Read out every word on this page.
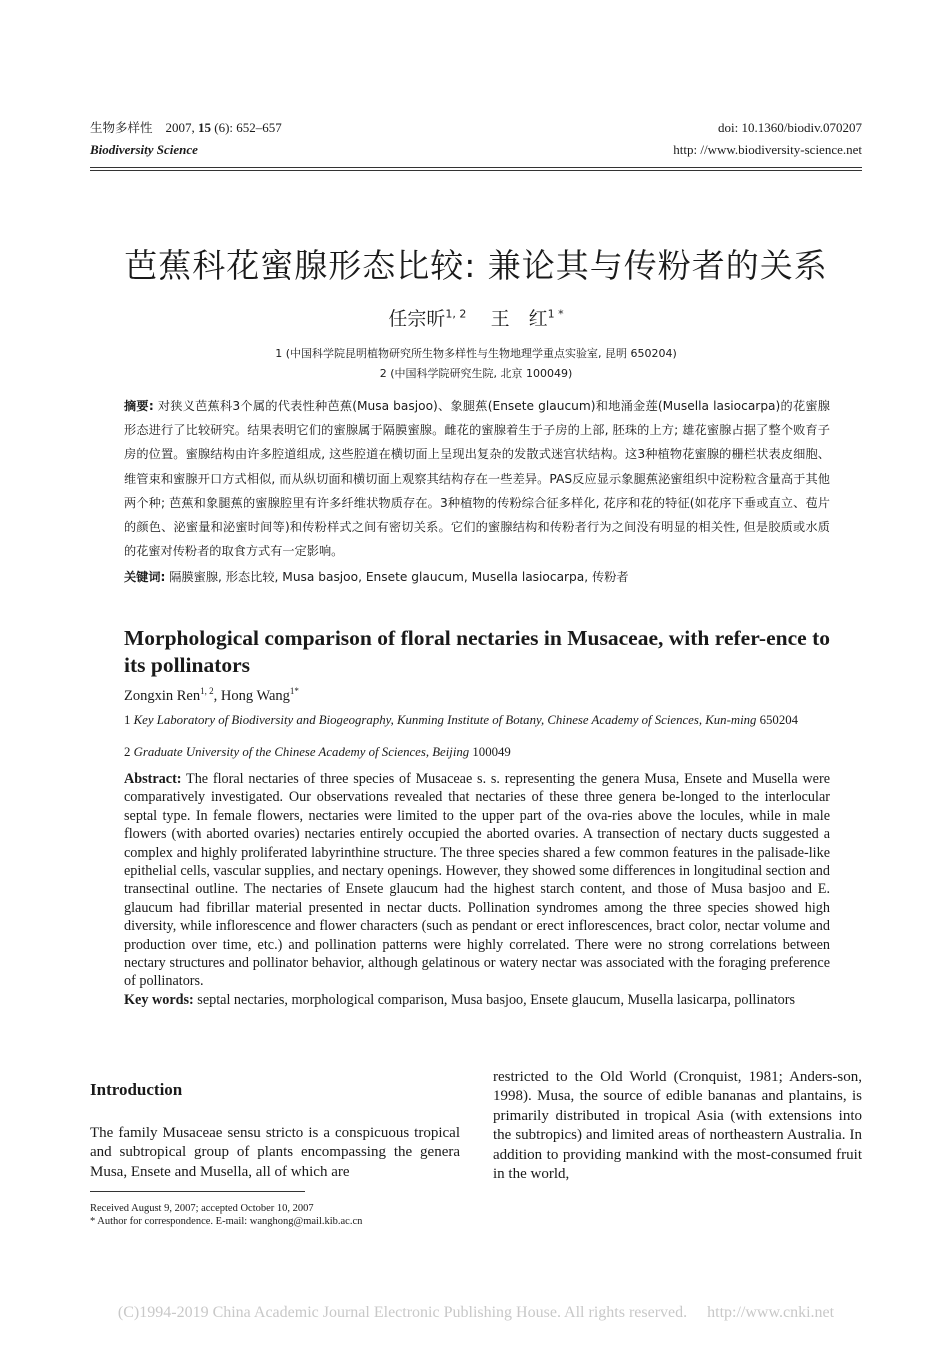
生物多样性 2007, 15 (6): 652–657
Biodiversity Science
doi: 10.1360/biodiv.070207
http: //www.biodiversity-science.net
芭蕉科花蜜腺形态比较: 兼论其与传粉者的关系
任宗昕$^{1, 2}$ 王　红$^{1 *}$
1 (中国科学院昆明植物研究所生物多样性与生物地理学重点实验室, 昆明 650204)
2 (中国科学院研究生院, 北京 100049)
摘要: 对狭义芭蕉科3个属的代表性种芭蕉(Musa basjoo)、象腿蕉(Ensete glaucum)和地涌金莲(Musella lasiocarpa)的花蜜腺形态进行了比较研究。结果表明它们的蜜腺属于隔膜蜜腺。雌花的蜜腺着生于子房的上部, 胚珠的上方; 雄花蜜腺占据了整个败育子房的位置。蜜腺结构由许多腔道组成, 这些腔道在横切面上呈现出复杂的发散式迷宫状结构。这3种植物花蜜腺的栅栏状表皮细胞、维管束和蜜腺开口方式相似, 而从纵切面和横切面上观察其结构存在一些差异。PAS反应显示象腿蕉泌蜜组织中淀粉粒含量高于其他两个种; 芭蕉和象腿蕉的蜜腺腔里有许多纤维状物质存在。3种植物的传粉综合征多样化, 花序和花的特征(如花序下垂或直立、苞片的颜色、泌蜜量和泌蜜时间等)和传粉样式之间有密切关系。它们的蜜腺结构和传粉者行为之间没有明显的相关性, 但是胶质或水质的花蜜对传粉者的取食方式有一定影响。
关键词: 隔膜蜜腺, 形态比较, Musa basjoo, Ensete glaucum, Musella lasiocarpa, 传粉者
Morphological comparison of floral nectaries in Musaceae, with refer-ence to its pollinators
Zongxin Ren$^{1, 2}$, Hong Wang$^{1*}$
1 Key Laboratory of Biodiversity and Biogeography, Kunming Institute of Botany, Chinese Academy of Sciences, Kun-ming 650204
2 Graduate University of the Chinese Academy of Sciences, Beijing 100049
Abstract: The floral nectaries of three species of Musaceae s. s. representing the genera Musa, Ensete and Musella were comparatively investigated. Our observations revealed that nectaries of these three genera be-longed to the interlocular septal type. In female flowers, nectaries were limited to the upper part of the ova-ries above the locules, while in male flowers (with aborted ovaries) nectaries entirely occupied the aborted ovaries. A transection of nectary ducts suggested a complex and highly proliferated labyrinthine structure. The three species shared a few common features in the palisade-like epithelial cells, vascular supplies, and nectary openings. However, they showed some differences in longitudinal section and transectinal outline. The nectaries of Ensete glaucum had the highest starch content, and those of Musa basjoo and E. glaucum had fibrillar material presented in nectar ducts. Pollination syndromes among the three species showed high diversity, while inflorescence and flower characters (such as pendant or erect inflorescences, bract color, nectar volume and production over time, etc.) and pollination patterns were highly correlated. There were no strong correlations between nectary structures and pollinator behavior, although gelatinous or watery nectar was associated with the foraging preference of pollinators.
Key words: septal nectaries, morphological comparison, Musa basjoo, Ensete glaucum, Musella lasicarpa, pollinators
Introduction
The family Musaceae sensu stricto is a conspicuous tropical and subtropical group of plants encompassing the genera Musa, Ensete and Musella, all of which are
restricted to the Old World (Cronquist, 1981; Anders-son, 1998). Musa, the source of edible bananas and plantains, is primarily distributed in tropical Asia (with extensions into the subtropics) and limited areas of northeastern Australia. In addition to providing mankind with the most-consumed fruit in the world,
Received August 9, 2007; accepted October 10, 2007
* Author for correspondence. E-mail: wanghong@mail.kib.ac.cn
(C)1994-2019 China Academic Journal Electronic Publishing House. All rights reserved.　 http://www.cnki.net
